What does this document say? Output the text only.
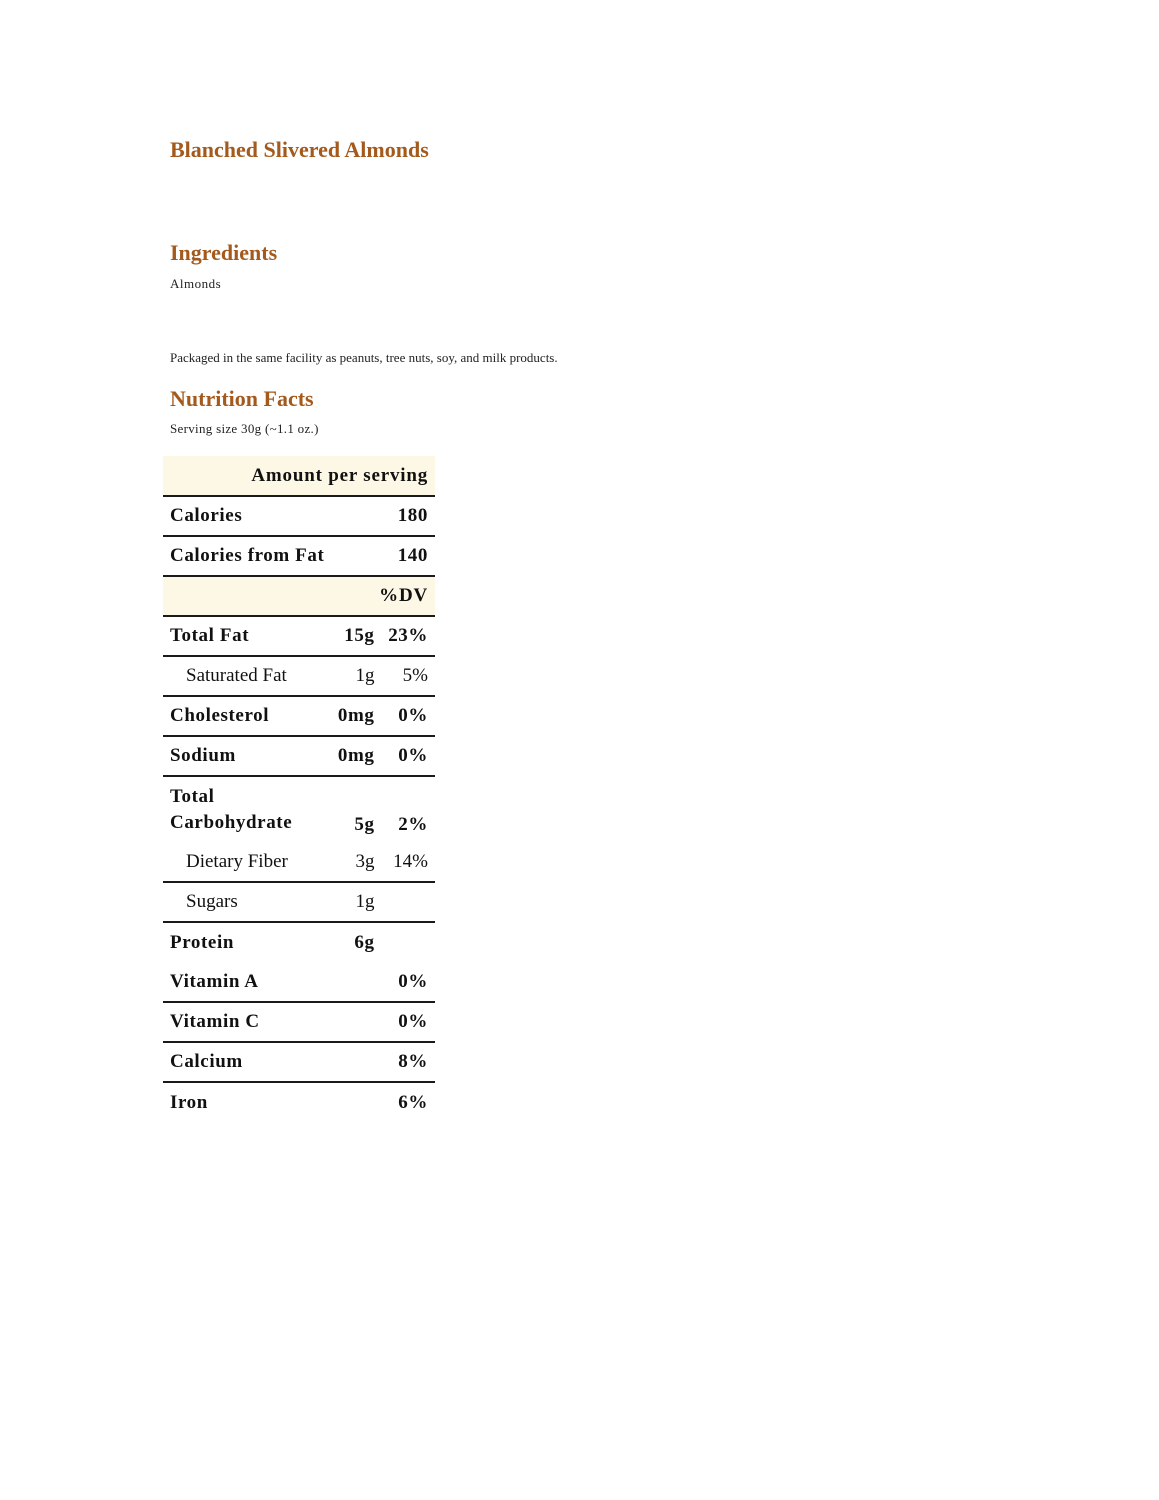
Blanched Slivered Almonds
Ingredients

Almonds

Packaged in the same facility as peanuts, tree nuts, soy, and milk products.

Nutrition Facts

Serving size 30g (~1.1 oz.)

Amount per serving		
Calories		180
Calories from Fat		140
%DV		
Total Fat	15g	23%
Saturated Fat	1g	5%
Cholesterol	0mg	0%
Sodium	0mg	0%
Total Carbohydrate	5g	2%
Dietary Fiber	3g	14%
Sugars	1g	
Protein	6g	
Vitamin A		0%
Vitamin C		0%
Calcium		8%
Iron		6%
